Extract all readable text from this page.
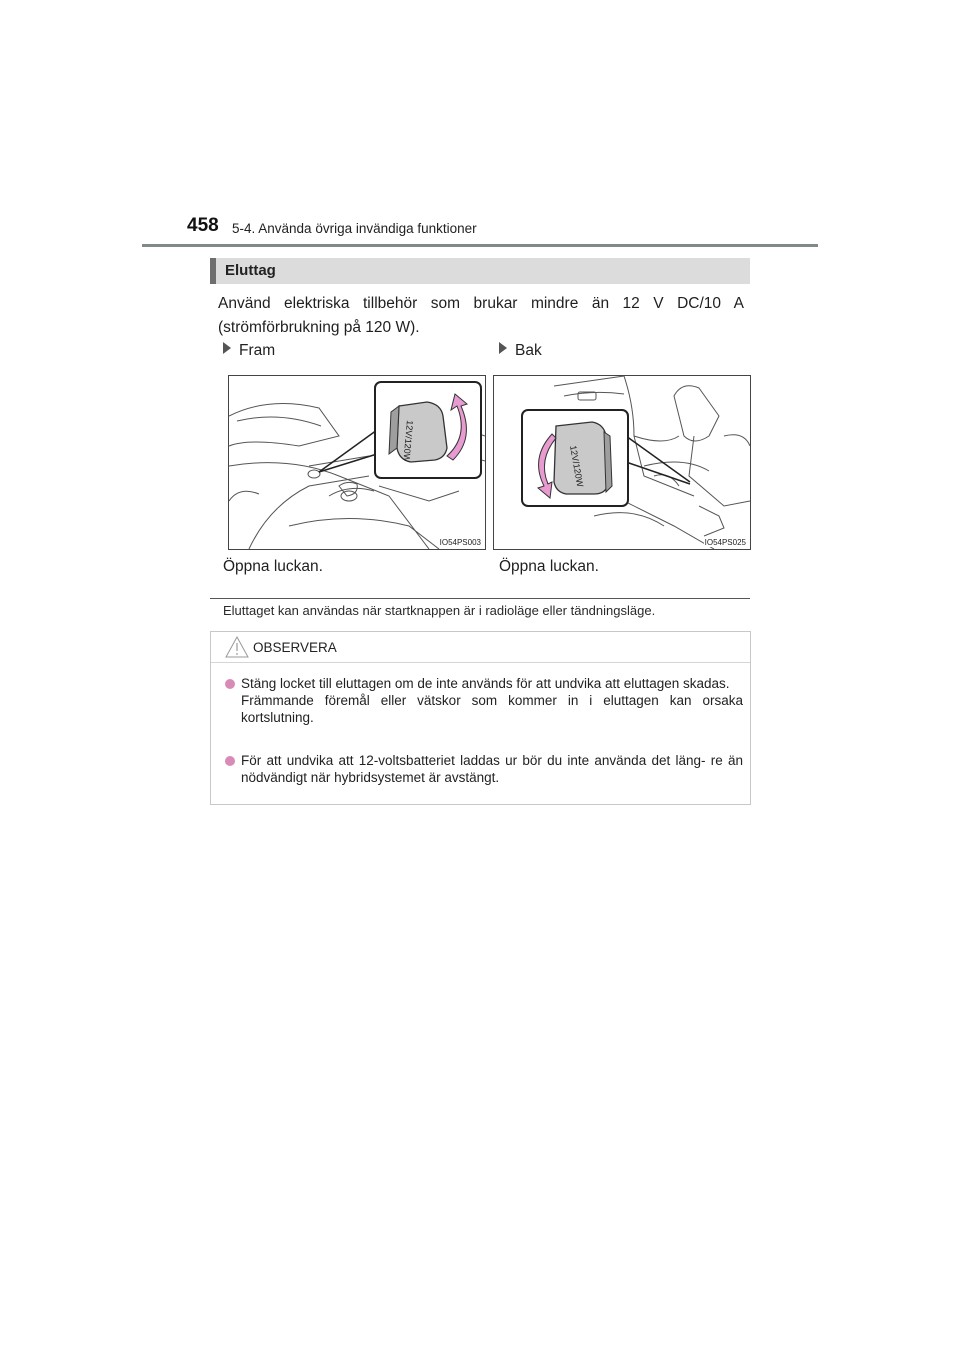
458 5-4. Använda övriga invändiga funktioner
Eluttag
Använd elektriska tillbehör som brukar mindre än 12 V DC/10 A (strömförbrukning på 120 W).
Fram	Bak
12V/120W
IO54PS003
12V/120W
IO54PS025
Öppna luckan.	Öppna luckan.
Eluttaget kan användas när startknappen är i radioläge eller tändningsläge.
OBSERVERA
Stäng locket till eluttagen om de inte används för att undvika att eluttagen skadas.
Främmande föremål eller vätskor som kommer in i eluttagen kan orsaka kortslutning.
För att undvika att 12-voltsbatteriet laddas ur bör du inte använda det läng- re än nödvändigt när hybridsystemet är avstängt.
